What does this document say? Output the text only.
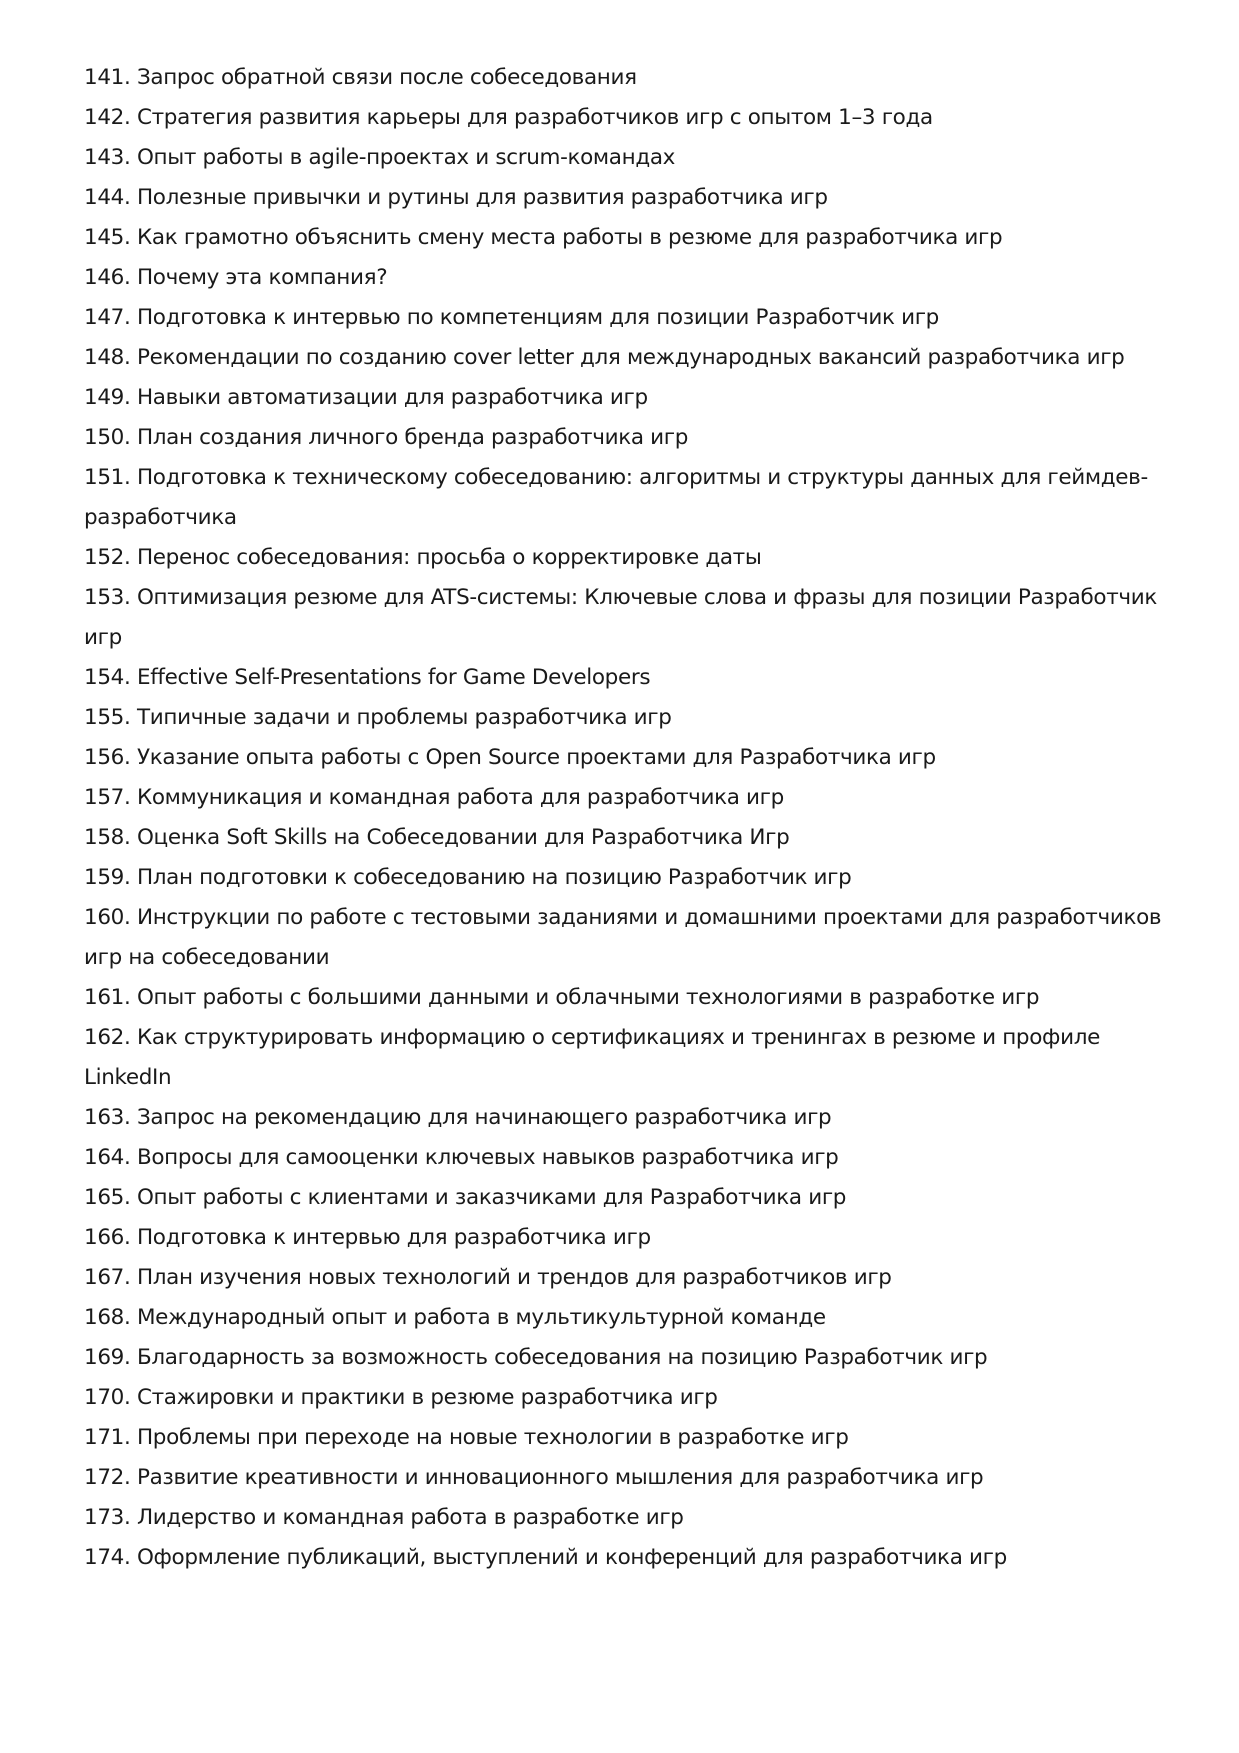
141. Запрос обратной связи после собеседования
142. Стратегия развития карьеры для разработчиков игр с опытом 1–3 года
143. Опыт работы в agile-проектах и scrum-командах
144. Полезные привычки и рутины для развития разработчика игр
145. Как грамотно объяснить смену места работы в резюме для разработчика игр
146. Почему эта компания?
147. Подготовка к интервью по компетенциям для позиции Разработчик игр
148. Рекомендации по созданию cover letter для международных вакансий разработчика игр
149. Навыки автоматизации для разработчика игр
150. План создания личного бренда разработчика игр
151. Подготовка к техническому собеседованию: алгоритмы и структуры данных для геймдев-разработчика
152. Перенос собеседования: просьба о корректировке даты
153. Оптимизация резюме для ATS-системы: Ключевые слова и фразы для позиции Разработчик игр
154. Effective Self-Presentations for Game Developers
155. Типичные задачи и проблемы разработчика игр
156. Указание опыта работы с Open Source проектами для Разработчика игр
157. Коммуникация и командная работа для разработчика игр
158. Оценка Soft Skills на Собеседовании для Разработчика Игр
159. План подготовки к собеседованию на позицию Разработчик игр
160. Инструкции по работе с тестовыми заданиями и домашними проектами для разработчиков игр на собеседовании
161. Опыт работы с большими данными и облачными технологиями в разработке игр
162. Как структурировать информацию о сертификациях и тренингах в резюме и профиле LinkedIn
163. Запрос на рекомендацию для начинающего разработчика игр
164. Вопросы для самооценки ключевых навыков разработчика игр
165. Опыт работы с клиентами и заказчиками для Разработчика игр
166. Подготовка к интервью для разработчика игр
167. План изучения новых технологий и трендов для разработчиков игр
168. Международный опыт и работа в мультикультурной команде
169. Благодарность за возможность собеседования на позицию Разработчик игр
170. Стажировки и практики в резюме разработчика игр
171. Проблемы при переходе на новые технологии в разработке игр
172. Развитие креативности и инновационного мышления для разработчика игр
173. Лидерство и командная работа в разработке игр
174. Оформление публикаций, выступлений и конференций для разработчика игр
